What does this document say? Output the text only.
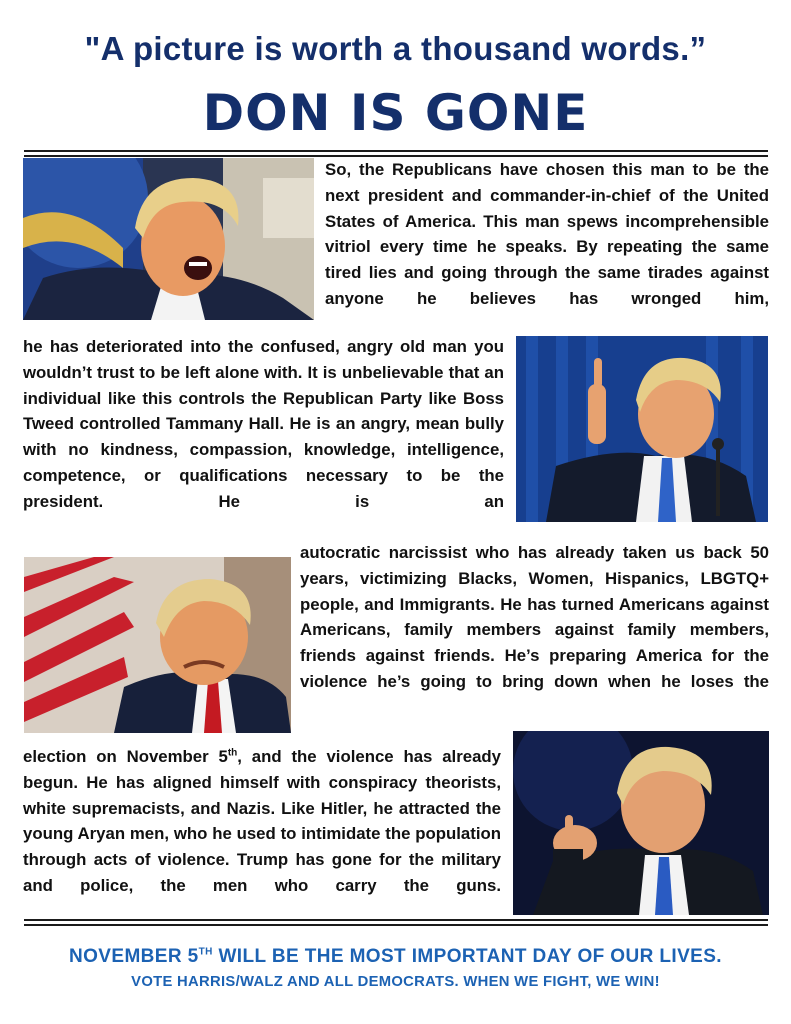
"A picture is worth a thousand words.”
DON IS GONE

So, the Republicans have chosen this man to be the next president and commander-in-chief of the United States of America. This man spews incomprehensible vitriol every time he speaks. By repeating the same tired lies and going through the same tirades against anyone he believes has wronged him,

he has deteriorated into the confused, angry old man you wouldn’t trust to be left alone with. It is unbelievable that an individual like this controls the Republican Party like Boss Tweed controlled Tammany Hall. He is an angry, mean bully with no kindness, compassion, knowledge, intelligence, competence, or qualifications necessary to be the president. He is an

autocratic narcissist who has already taken us back 50 years, victimizing Blacks, Women, Hispanics, LBGTQ+ people, and Immigrants. He has turned Americans against Americans, family members against family members, friends against friends. He’s preparing America for the violence he’s going to bring down when he loses the

election on November 5th, and the violence has already begun. He has aligned himself with conspiracy theorists, white supremacists, and Nazis. Like Hitler, he attracted the young Aryan men, who he used to intimidate the population through acts of violence. Trump has gone for the military and police, the men who carry the guns.

NOVEMBER 5TH WILL BE THE MOST IMPORTANT DAY OF OUR LIVES.
VOTE HARRIS/WALZ AND ALL DEMOCRATS. WHEN WE FIGHT, WE WIN!
